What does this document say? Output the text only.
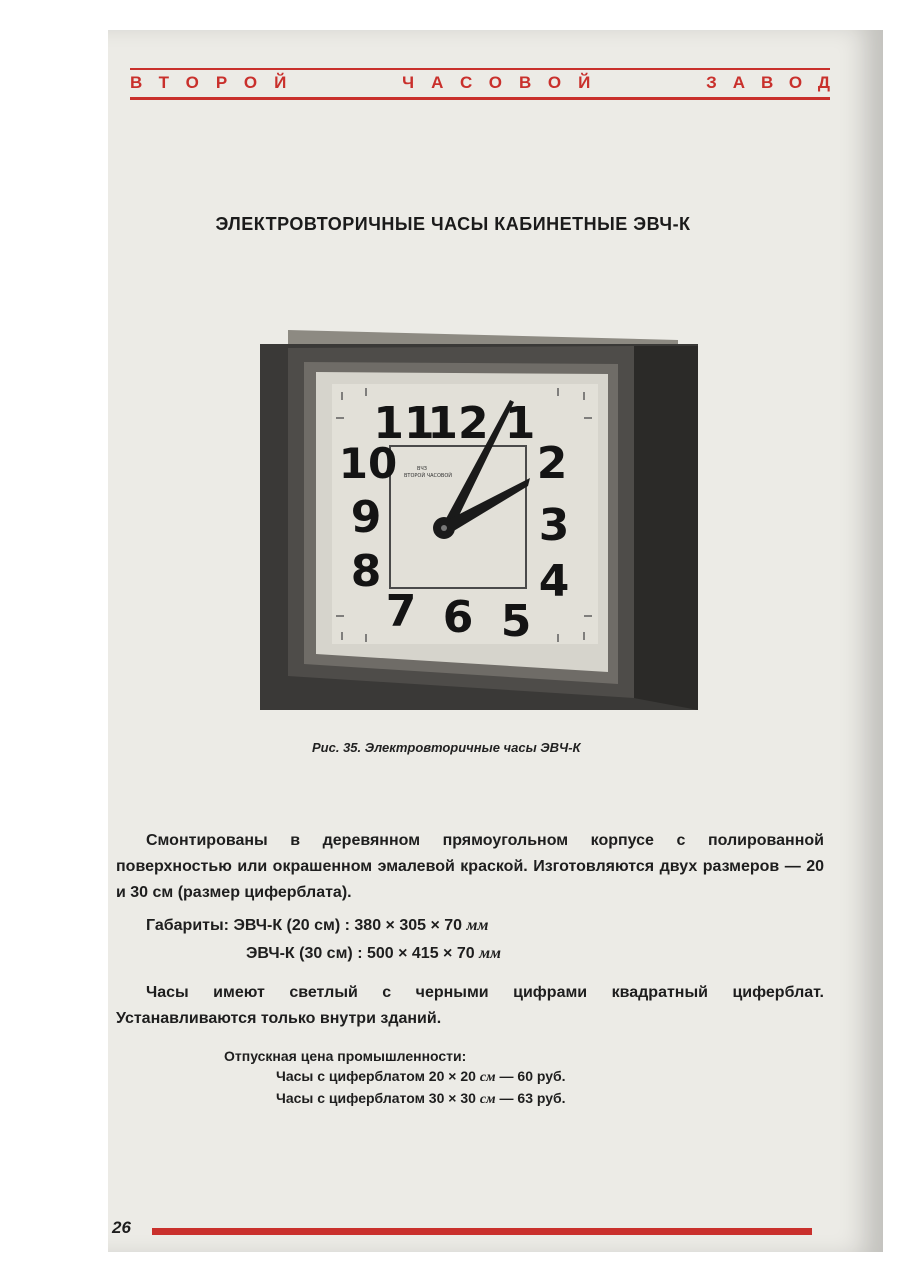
ВТОРОЙ	ЧАСОВОЙ	ЗАВОД
ЭЛЕКТРОВТОРИЧНЫЕ ЧАСЫ КАБИНЕТНЫЕ ЭВЧ-К
12 1
2
3
4
5
6
7
8
9
10
11
ВЧЗ
ВТОРОЙ ЧАСОВОЙ
Рис. 35. Электровторичные часы ЭВЧ-К

Смонтированы в деревянном прямоугольном корпусе с полированной поверхностью или окрашенном эмалевой краской. Изготовляются двух размеров — 20 и 30 см (размер циферблата).

Габариты: ЭВЧ-К (20 см) : 380 × 305 × 70 мм
ЭВЧ-К (30 см) : 500 × 415 × 70 мм

Часы имеют светлый с черными цифрами квадратный циферблат. Устанавливаются только внутри зданий.

Отпускная цена промышленности:
Часы с циферблатом 20 × 20 см — 60 руб.
Часы с циферблатом 30 × 30 см — 63 руб.
26
